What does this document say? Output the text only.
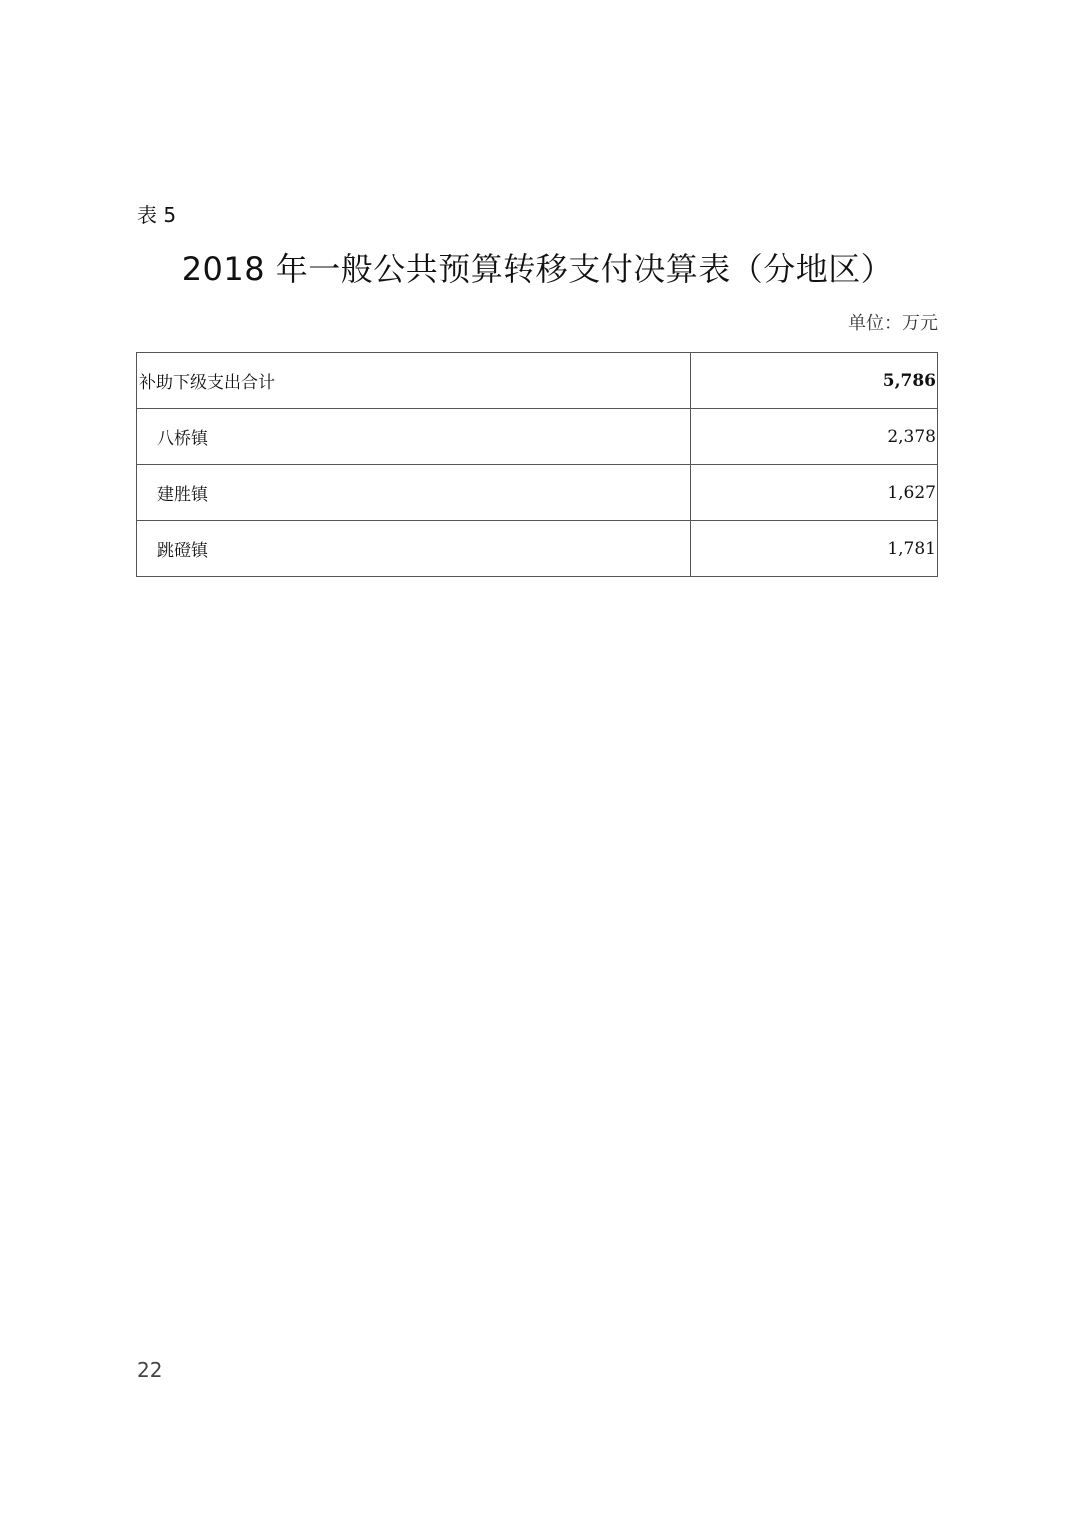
表 5
2018 年一般公共预算转移支付决算表（分地区）
单位：万元
补助下级支出合计	5,786
八桥镇	2,378
建胜镇	1,627
跳磴镇	1,781
22
